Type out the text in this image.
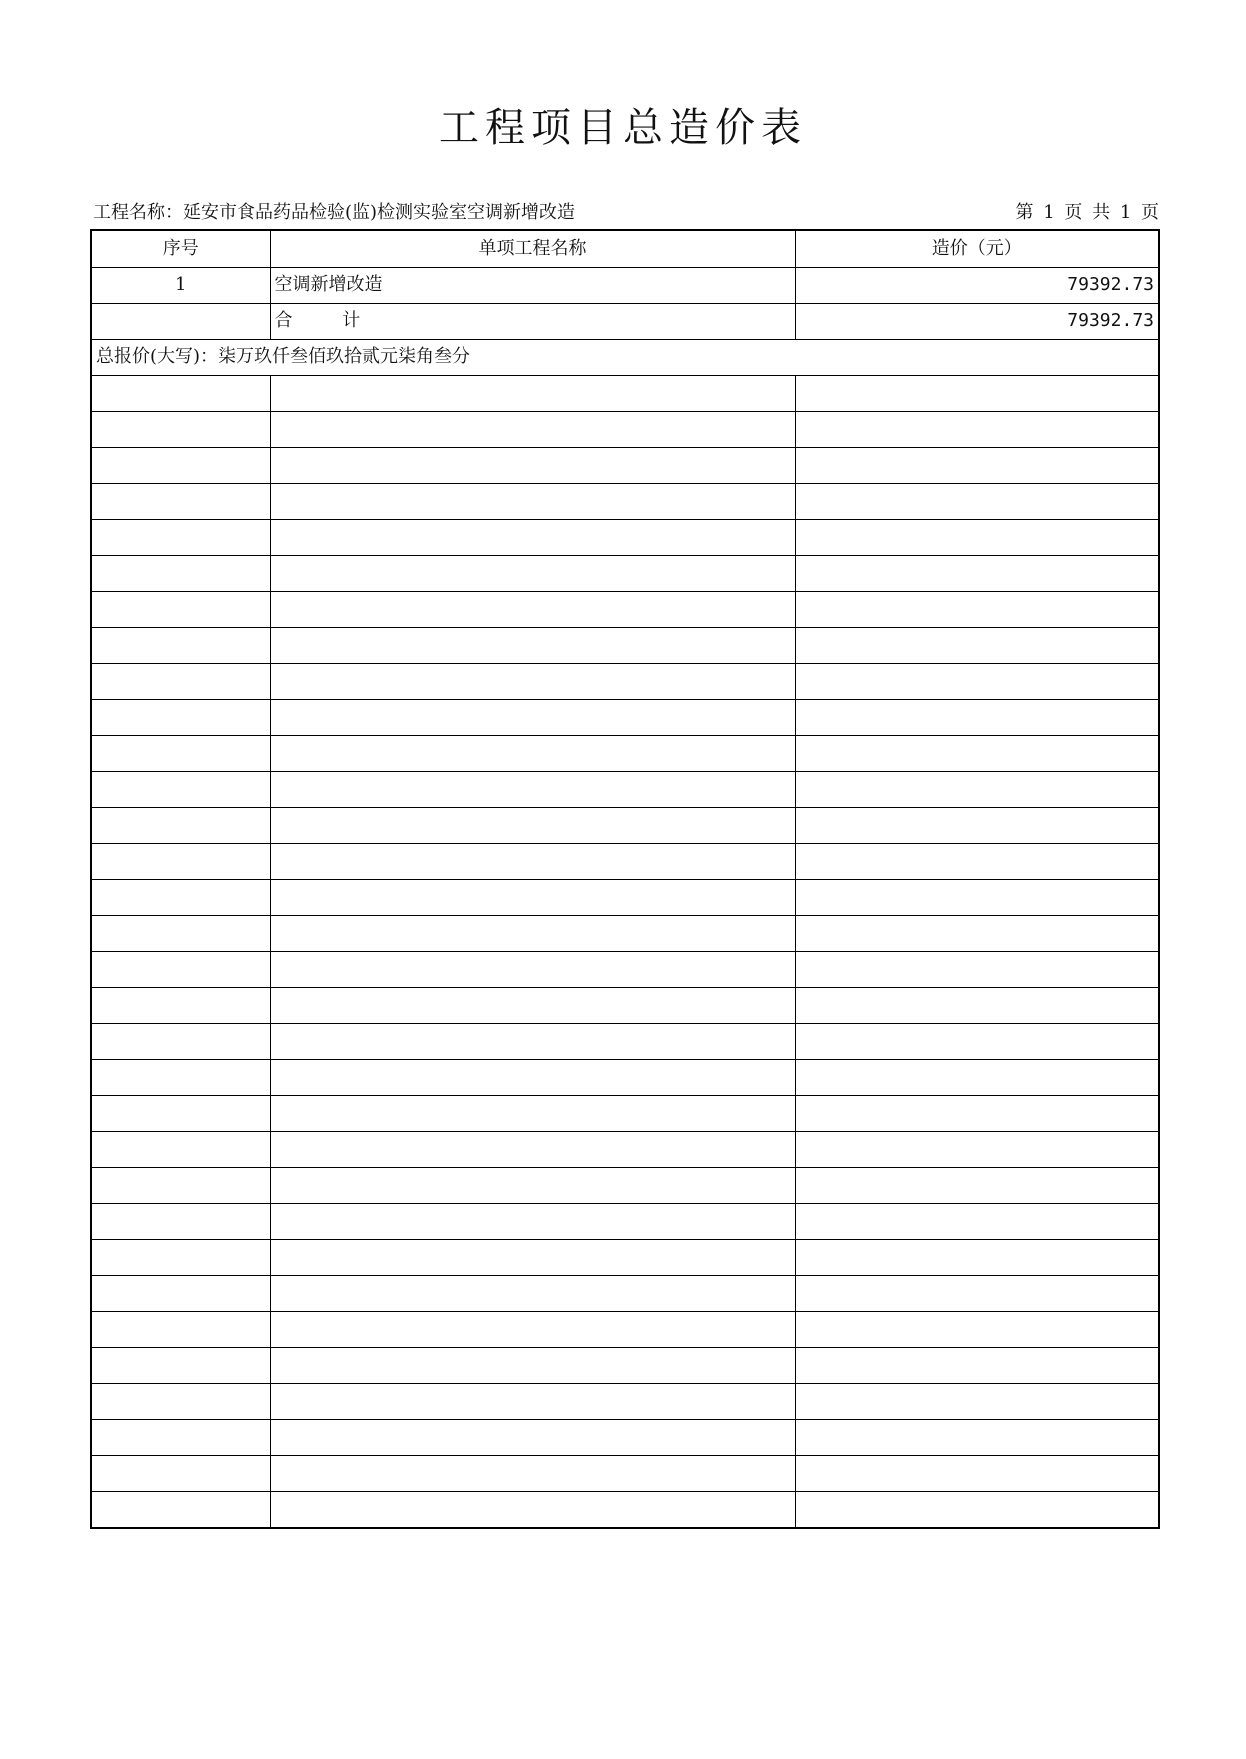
工程项目总造价表
工程名称：延安市食品药品检验(监)检测实验室空调新增改造	第 1 页 共 1 页
序号	单项工程名称	造价（元）
1	空调新增改造	79392.73
	合 计	79392.73
总报价(大写)：柒万玖仟叁佰玖拾贰元柒角叁分		
